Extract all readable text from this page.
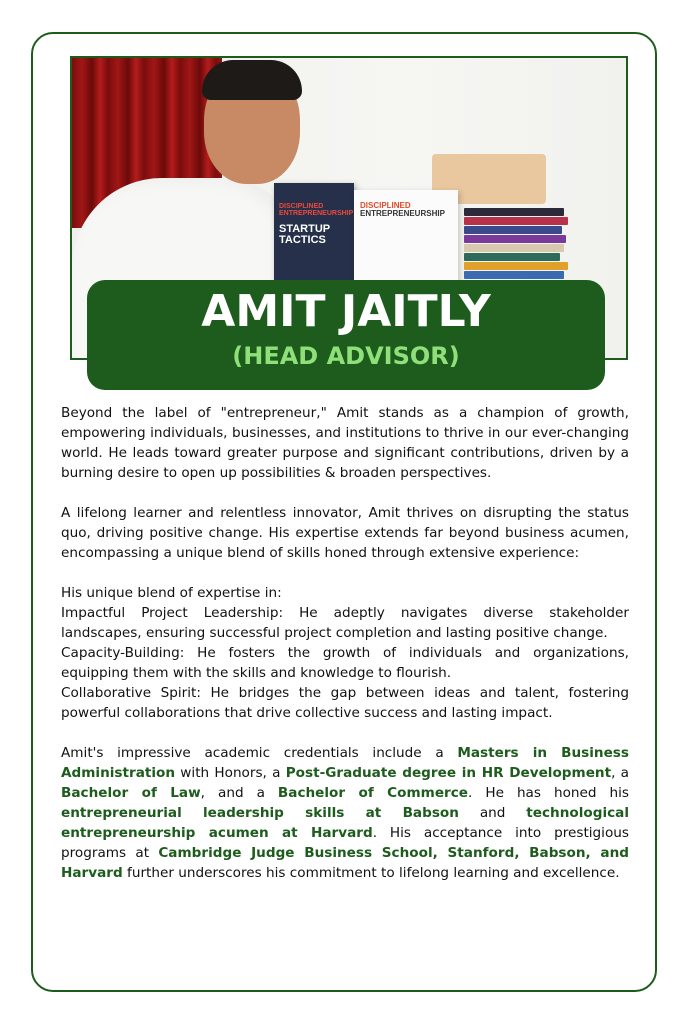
DISCIPLINED ENTREPRENEURSHIP
STARTUP TACTICS
DISCIPLINED
ENTREPRENEURSHIP
AMIT JAITLY
(HEAD ADVISOR)

Beyond the label of "entrepreneur," Amit stands as a champion of growth, empowering individuals, businesses, and institutions to thrive in our ever-changing world. He leads toward greater purpose and significant contributions, driven by a burning desire to open up possibilities & broaden perspectives.

A lifelong learner and relentless innovator, Amit thrives on disrupting the status quo, driving positive change. His expertise extends far beyond business acumen, encompassing a unique blend of skills honed through extensive experience:

His unique blend of expertise in:

Impactful Project Leadership: He adeptly navigates diverse stakeholder landscapes, ensuring successful project completion and lasting positive change.

Capacity-Building: He fosters the growth of individuals and organizations, equipping them with the skills and knowledge to flourish.

Collaborative Spirit: He bridges the gap between ideas and talent, fostering powerful collaborations that drive collective success and lasting impact.

Amit's impressive academic credentials include a Masters in Business Administration with Honors, a Post-Graduate degree in HR Development, a Bachelor of Law, and a Bachelor of Commerce. He has honed his entrepreneurial leadership skills at Babson and technological entrepreneurship acumen at Harvard. His acceptance into prestigious programs at Cambridge Judge Business School, Stanford, Babson, and Harvard further underscores his commitment to lifelong learning and excellence.
